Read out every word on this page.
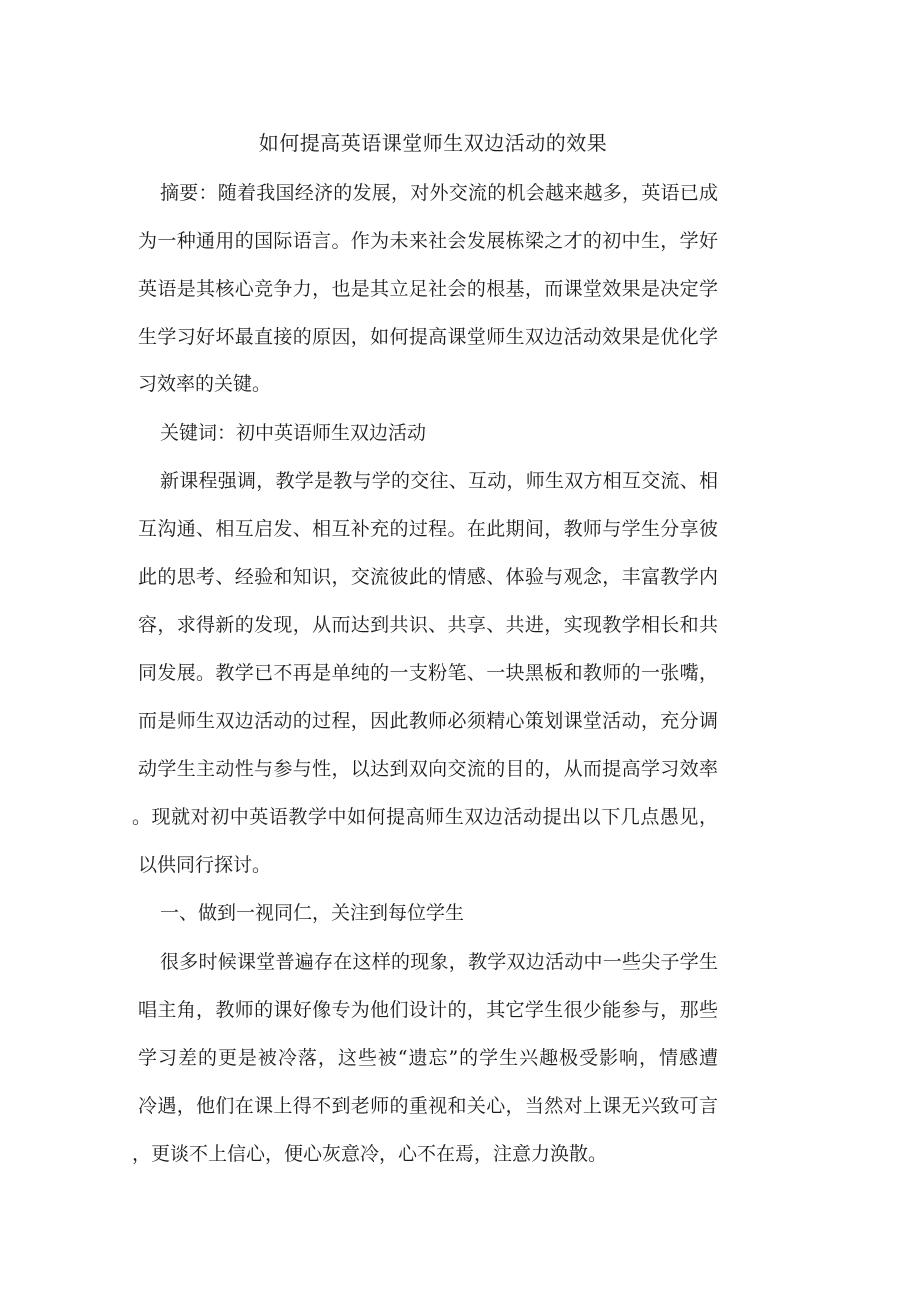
如何提高英语课堂师生双边活动的效果
摘要：随着我国经济的发展，对外交流的机会越来越多，英语已成
为一种通用的国际语言。作为未来社会发展栋梁之才的初中生，学好
英语是其核心竞争力，也是其立足社会的根基，而课堂效果是决定学
生学习好坏最直接的原因，如何提高课堂师生双边活动效果是优化学
习效率的关键。
关键词：初中英语师生双边活动
新课程强调，教学是教与学的交往、互动，师生双方相互交流、相
互沟通、相互启发、相互补充的过程。在此期间，教师与学生分享彼
此的思考、经验和知识，交流彼此的情感、体验与观念，丰富教学内
容，求得新的发现，从而达到共识、共享、共进，实现教学相长和共
同发展。教学已不再是单纯的一支粉笔、一块黑板和教师的一张嘴，
而是师生双边活动的过程，因此教师必须精心策划课堂活动，充分调
动学生主动性与参与性，以达到双向交流的目的，从而提高学习效率
。现就对初中英语教学中如何提高师生双边活动提出以下几点愚见，
以供同行探讨。
一、做到一视同仁，关注到每位学生
很多时候课堂普遍存在这样的现象，教学双边活动中一些尖子学生
唱主角，教师的课好像专为他们设计的，其它学生很少能参与，那些
学习差的更是被冷落，这些被“遗忘”的学生兴趣极受影响，情感遭
冷遇，他们在课上得不到老师的重视和关心，当然对上课无兴致可言
，更谈不上信心，便心灰意冷，心不在焉，注意力涣散。
